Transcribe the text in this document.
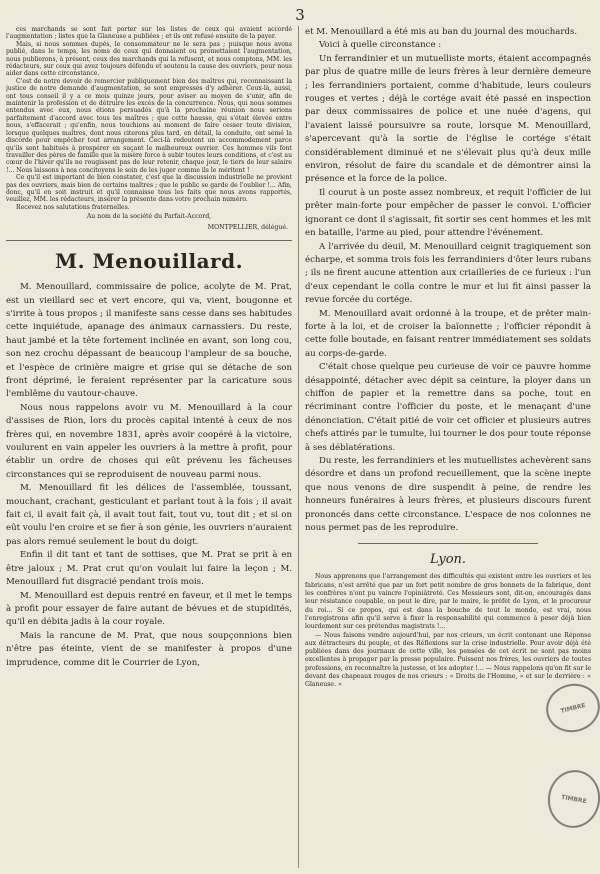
3

ces marchands se sont fait porter sur les listes de ceux qui avaient accordé l'augmentation ; listes que la Glaneuse a publiées ; et ils ont refusé ensuite de la payer.

Mais, si nous sommes dupés, le consommateur ne le sera pas ; puisque nous avons publié, dans le temps, les noms de ceux qui donnaient ou promettaient l'augmentation, nous publierons, à présent, ceux des marchands qui la refusent, et nous comptons, MM. les rédacteurs, sur ceux qui avez toujours défendu et soutenu la cause des ouvriers, pour nous aider dans cette circonstance.

C'est de notre devoir de remercier publiquement bien des maîtres qui, reconnaissant la justice de notre demande d'augmentation, se sont empressés d'y adhérer. Ceux-là, aussi, ont tous conseil il y a ce mois quinze jours, pour aviser au moyen de s'unir, afin de maintenir la profession et de détruire les excès de la concurrence. Nous, qui nous sommes entendus avec eux, nous étions persuadés qu'à la prochaine réunion nous serions parfaitement d'accord avec tous les maîtres ; que cette hausse, qui s'était élevée entre nous, s'effacerait ; qu'enfin, nous touchions au moment de faire cesser toute division, lorsque quelques maîtres, dont nous citerons plus tard, en détail, la conduite, ont semé la discorde pour empêcher tout arrangement. Ceci-là redoutent un accommodement parce qu'ils sont habitués à prospérer en suçant le malheureux ouvrier. Ces hommes vils font travailler des pères de famille que la misère force à subir toutes leurs conditions, et c'est au cœur de l'hiver qu'ils ne rougissent pas de leur retenir, chaque jour, le tiers de leur salaire !... Nous laissons à nos concitoyens le soin de les juger comme ils le méritent !

Ce qu'il est important de bien constater, c'est que la discussion industrielle ne provient pas des ouvriers, mais bien de certains maîtres ; que le public se garde de l'oublier !... Afin, donc, qu'il en soit instruit et qu'il connaisse tous les faits que nous avons rapportés, veuillez, MM. les rédacteurs, insérer la présente dans votre prochain numéro.

Recevez nos salutations fraternelles.

Au nom de la société du Parfait-Accord,
MONTPELLIER, délégué.
M. Menouillard.

M. Menouillard, commissaire de police, acolyte de M. Prat, est un vieillard sec et vert encore, qui va, vient, bougonne et s'irrite à tous propos ; il manifeste sans cesse dans ses habitudes cette inquiétude, apanage des animaux carnassiers. Du reste, haut jambé et la tête fortement inclinée en avant, son long cou, son nez crochu dépassant de beaucoup l'ampleur de sa bouche, et l'espèce de crinière maigre et grise qui se détache de son front déprimé, le feraient représenter par la caricature sous l'emblême du vautour-chauve.

Nous nous rappelons avoir vu M. Menouillard à la cour d'assises de Rion, lors du procès capital intenté à ceux de nos frères qui, en novembre 1831, après avoir coopéré à la victoire, voulurent en vain appeler les ouvriers à la mettre à profit, pour établir un ordre de choses qui eût prévenu les fâcheuses circonstances qui se reproduisent de nouveau parmi nous.

M. Menouillard fit les délices de l'assemblée, toussant, mouchant, crachant, gesticulant et parlant tout à la fois ; il avait fait ci, il avait fait çà, il avait tout fait, tout vu, tout dit ; et si on eût voulu l'en croire et se fier à son génie, les ouvriers n'auraient pas alors remué seulement le bout du doigt.

Enfin il dit tant et tant de sottises, que M. Prat se prit à en être jaloux ; M. Prat crut qu'on voulait lui faire la leçon ; M. Menouillard fut disgracié pendant trois mois.

M. Menouillard est depuis rentré en faveur, et il met le temps à profit pour essayer de faire autant de bévues et de stupidités, qu'il en débita jadis à la cour royale.

Mais la rancune de M. Prat, que nous soupçonnions bien n'être pas éteinte, vient de se manifester à propos d'une imprudence, comme dit le Courrier de Lyon,

et M. Menouillard a été mis au ban du journal des mouchards.

Voici à quelle circonstance :

Un ferrandinier et un mutuelliste morts, étaient accompagnés par plus de quatre mille de leurs frères à leur dernière demeure ; les ferrandiniers portaient, comme d'habitude, leurs couleurs rouges et vertes ; déjà le cortége avait été passé en inspection par deux commissaires de police et une nuée d'agens, qui l'avaient laissé poursuivre sa route, lorsque M. Menouillard, s'apercevant qu'à la sortie de l'église le cortége s'était considérablement diminué et ne s'élevait plus qu'à deux mille environ, résolut de faire du scandale et de démontrer ainsi la présence et la force de la police.

Il courut à un poste assez nombreux, et requit l'officier de lui prêter main-forte pour empêcher de passer le convoi. L'officier ignorant ce dont il s'agissait, fit sortir ses cent hommes et les mit en bataille, l'arme au pied, pour attendre l'événement.

A l'arrivée du deuil, M. Menouillard ceignit tragiquement son écharpe, et somma trois fois les ferrandiniers d'ôter leurs rubans ; ils ne firent aucune attention aux criailleries de ce furieux : l'un d'eux cependant le colla contre le mur et lui fit ainsi passer la revue forcée du cortége.

M. Menouillard avait ordonné à la troupe, et de prêter main-forte à la loi, et de croiser la baïonnette ; l'officier répondit à cette folle boutade, en faisant rentrer immédiatement ses soldats au corps-de-garde.

C'était chose quelque peu curieuse de voir ce pauvre homme désappointé, détacher avec dépit sa ceinture, la ployer dans un chiffon de papier et la remettre dans sa poche, tout en récriminant contre l'officier du poste, et le menaçant d'une dénonciation. C'était pitié de voir cet officier et plusieurs autres chefs attirés par le tumulte, lui tourner le dos pour toute réponse à ses déblatérations.

Du reste, les ferrandiniers et les mutuellistes achevèrent sans désordre et dans un profond recueillement, que la scène inepte que nous venons de dire suspendit à peine, de rendre les honneurs funéraires à leurs frères, et plusieurs discours furent prononcés dans cette circonstance. L'espace de nos colonnes ne nous permet pas de les reproduire.

Lyon.

Nous apprenons que l'arrangement des difficultés qui existent entre les ouvriers et les fabricans, n'est arrêté que par un fort petit nombre de gros bonnets de la fabrique, dont les confrères n'ont pu vaincre l'opiniâtreté. Ces Messieurs sont, dit-on, encouragés dans leur résistance coupable, on peut le dire, par le maire, le préfet de Lyon, et le procureur du roi... Si ce propos, qui est dans la bouche de tout le monde, est vrai, nous l'enregistrons afin qu'il serve à fixer la responsabilité qui commence à peser déjà bien lourdement sur ces prétendus magistrats !...

— Nous faisons vendre aujourd'hui, par nos crieurs, un écrit contenant une Réponse aux détracteurs du peuple, et des Réflexions sur la crise industrielle. Pour avoir déjà été publiées dans des journaux de cette ville, les pensées de cet écrit ne sont pas moins excellentes à propager par la presse populaire. Puissent nos frères, les ouvriers de toutes professions, en reconnaître la justesse, et les adopter !... — Nous rappelons qu'on fit sur le devant des chapeaux rouges de nos crieurs : « Droits de l'Homme, » et sur le derrière : « Glaneuse. »

TIMBRE
TIMBRE
